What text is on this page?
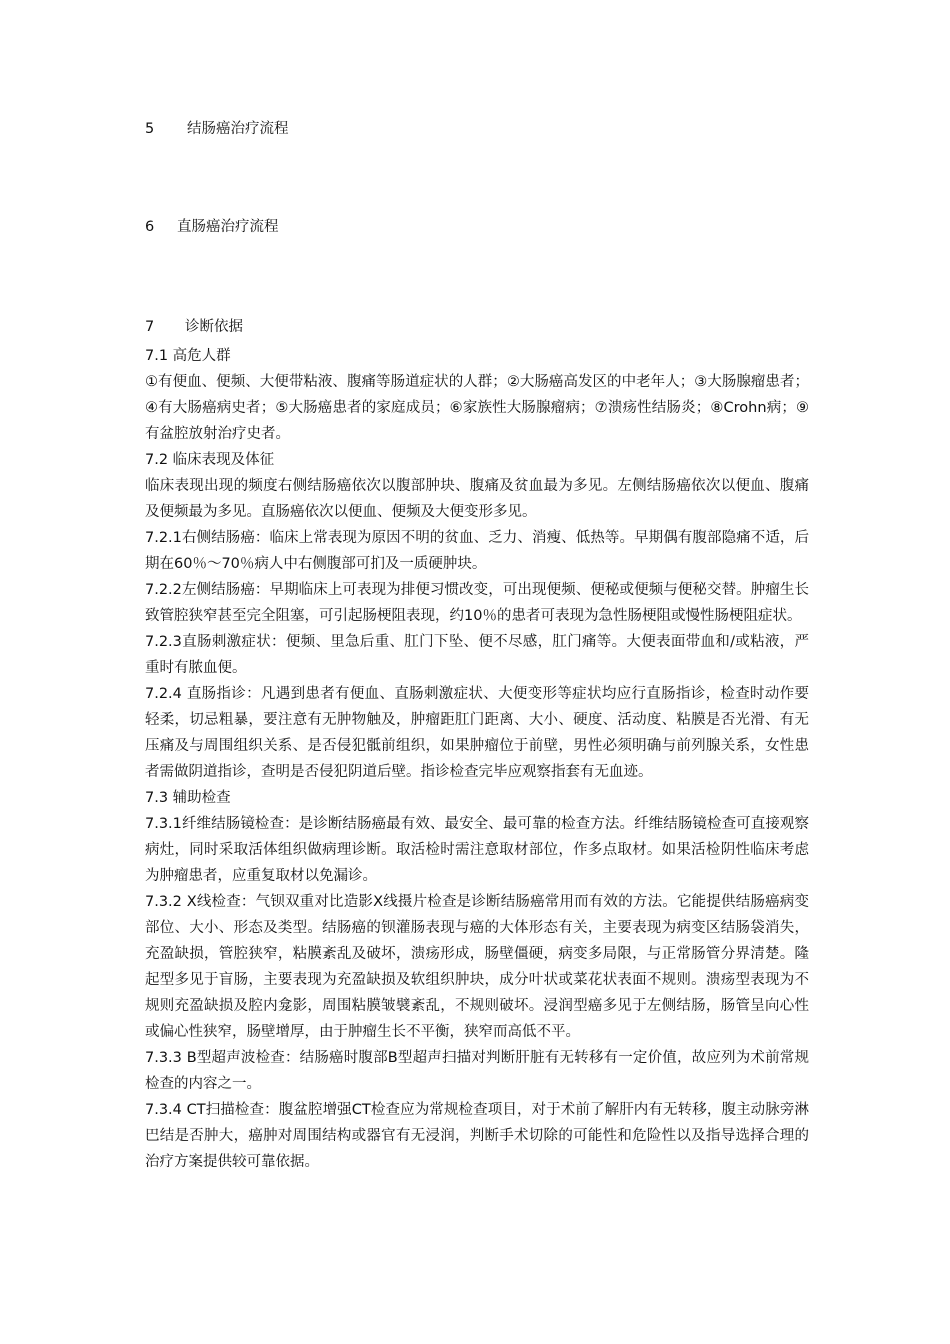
5 结肠癌治疗流程
6 直肠癌治疗流程
7 诊断依据

7.1 高危人群

①有便血、便频、大便带粘液、腹痛等肠道症状的人群；②大肠癌高发区的中老年人；③大肠腺瘤患者；④有大肠癌病史者；⑤大肠癌患者的家庭成员；⑥家族性大肠腺瘤病；⑦溃疡性结肠炎；⑧Crohn病；⑨有盆腔放射治疗史者。

7.2 临床表现及体征

临床表现出现的频度右侧结肠癌依次以腹部肿块、腹痛及贫血最为多见。左侧结肠癌依次以便血、腹痛及便频最为多见。直肠癌依次以便血、便频及大便变形多见。

7.2.1右侧结肠癌：临床上常表现为原因不明的贫血、乏力、消瘦、低热等。早期偶有腹部隐痛不适，后期在60％～70％病人中右侧腹部可扪及一质硬肿块。

7.2.2左侧结肠癌：早期临床上可表现为排便习惯改变，可出现便频、便秘或便频与便秘交替。肿瘤生长致管腔狭窄甚至完全阻塞，可引起肠梗阻表现，约10％的患者可表现为急性肠梗阻或慢性肠梗阻症状。

7.2.3直肠刺激症状：便频、里急后重、肛门下坠、便不尽感，肛门痛等。大便表面带血和/或粘液，严重时有脓血便。

7.2.4 直肠指诊：凡遇到患者有便血、直肠刺激症状、大便变形等症状均应行直肠指诊，检查时动作要轻柔，切忌粗暴，要注意有无肿物触及，肿瘤距肛门距离、大小、硬度、活动度、粘膜是否光滑、有无压痛及与周围组织关系、是否侵犯骶前组织，如果肿瘤位于前壁，男性必须明确与前列腺关系，女性患者需做阴道指诊，查明是否侵犯阴道后壁。指诊检查完毕应观察指套有无血迹。

7.3 辅助检查

7.3.1纤维结肠镜检查：是诊断结肠癌最有效、最安全、最可靠的检查方法。纤维结肠镜检查可直接观察病灶，同时采取活体组织做病理诊断。取活检时需注意取材部位，作多点取材。如果活检阴性临床考虑为肿瘤患者，应重复取材以免漏诊。

7.3.2 X线检查：气钡双重对比造影X线摄片检查是诊断结肠癌常用而有效的方法。它能提供结肠癌病变部位、大小、形态及类型。结肠癌的钡灌肠表现与癌的大体形态有关，主要表现为病变区结肠袋消失，充盈缺损，管腔狭窄，粘膜紊乱及破坏，溃疡形成，肠壁僵硬，病变多局限，与正常肠管分界清楚。隆起型多见于盲肠，主要表现为充盈缺损及软组织肿块，成分叶状或菜花状表面不规则。溃疡型表现为不规则充盈缺损及腔内龛影，周围粘膜皱襞紊乱，不规则破坏。浸润型癌多见于左侧结肠，肠管呈向心性或偏心性狭窄，肠壁增厚，由于肿瘤生长不平衡，狭窄而高低不平。

7.3.3 B型超声波检查：结肠癌时腹部B型超声扫描对判断肝脏有无转移有一定价值，故应列为术前常规检查的内容之一。

7.3.4 CT扫描检查：腹盆腔增强CT检查应为常规检查项目，对于术前了解肝内有无转移，腹主动脉旁淋巴结是否肿大，癌肿对周围结构或器官有无浸润，判断手术切除的可能性和危险性以及指导选择合理的治疗方案提供较可靠依据。
